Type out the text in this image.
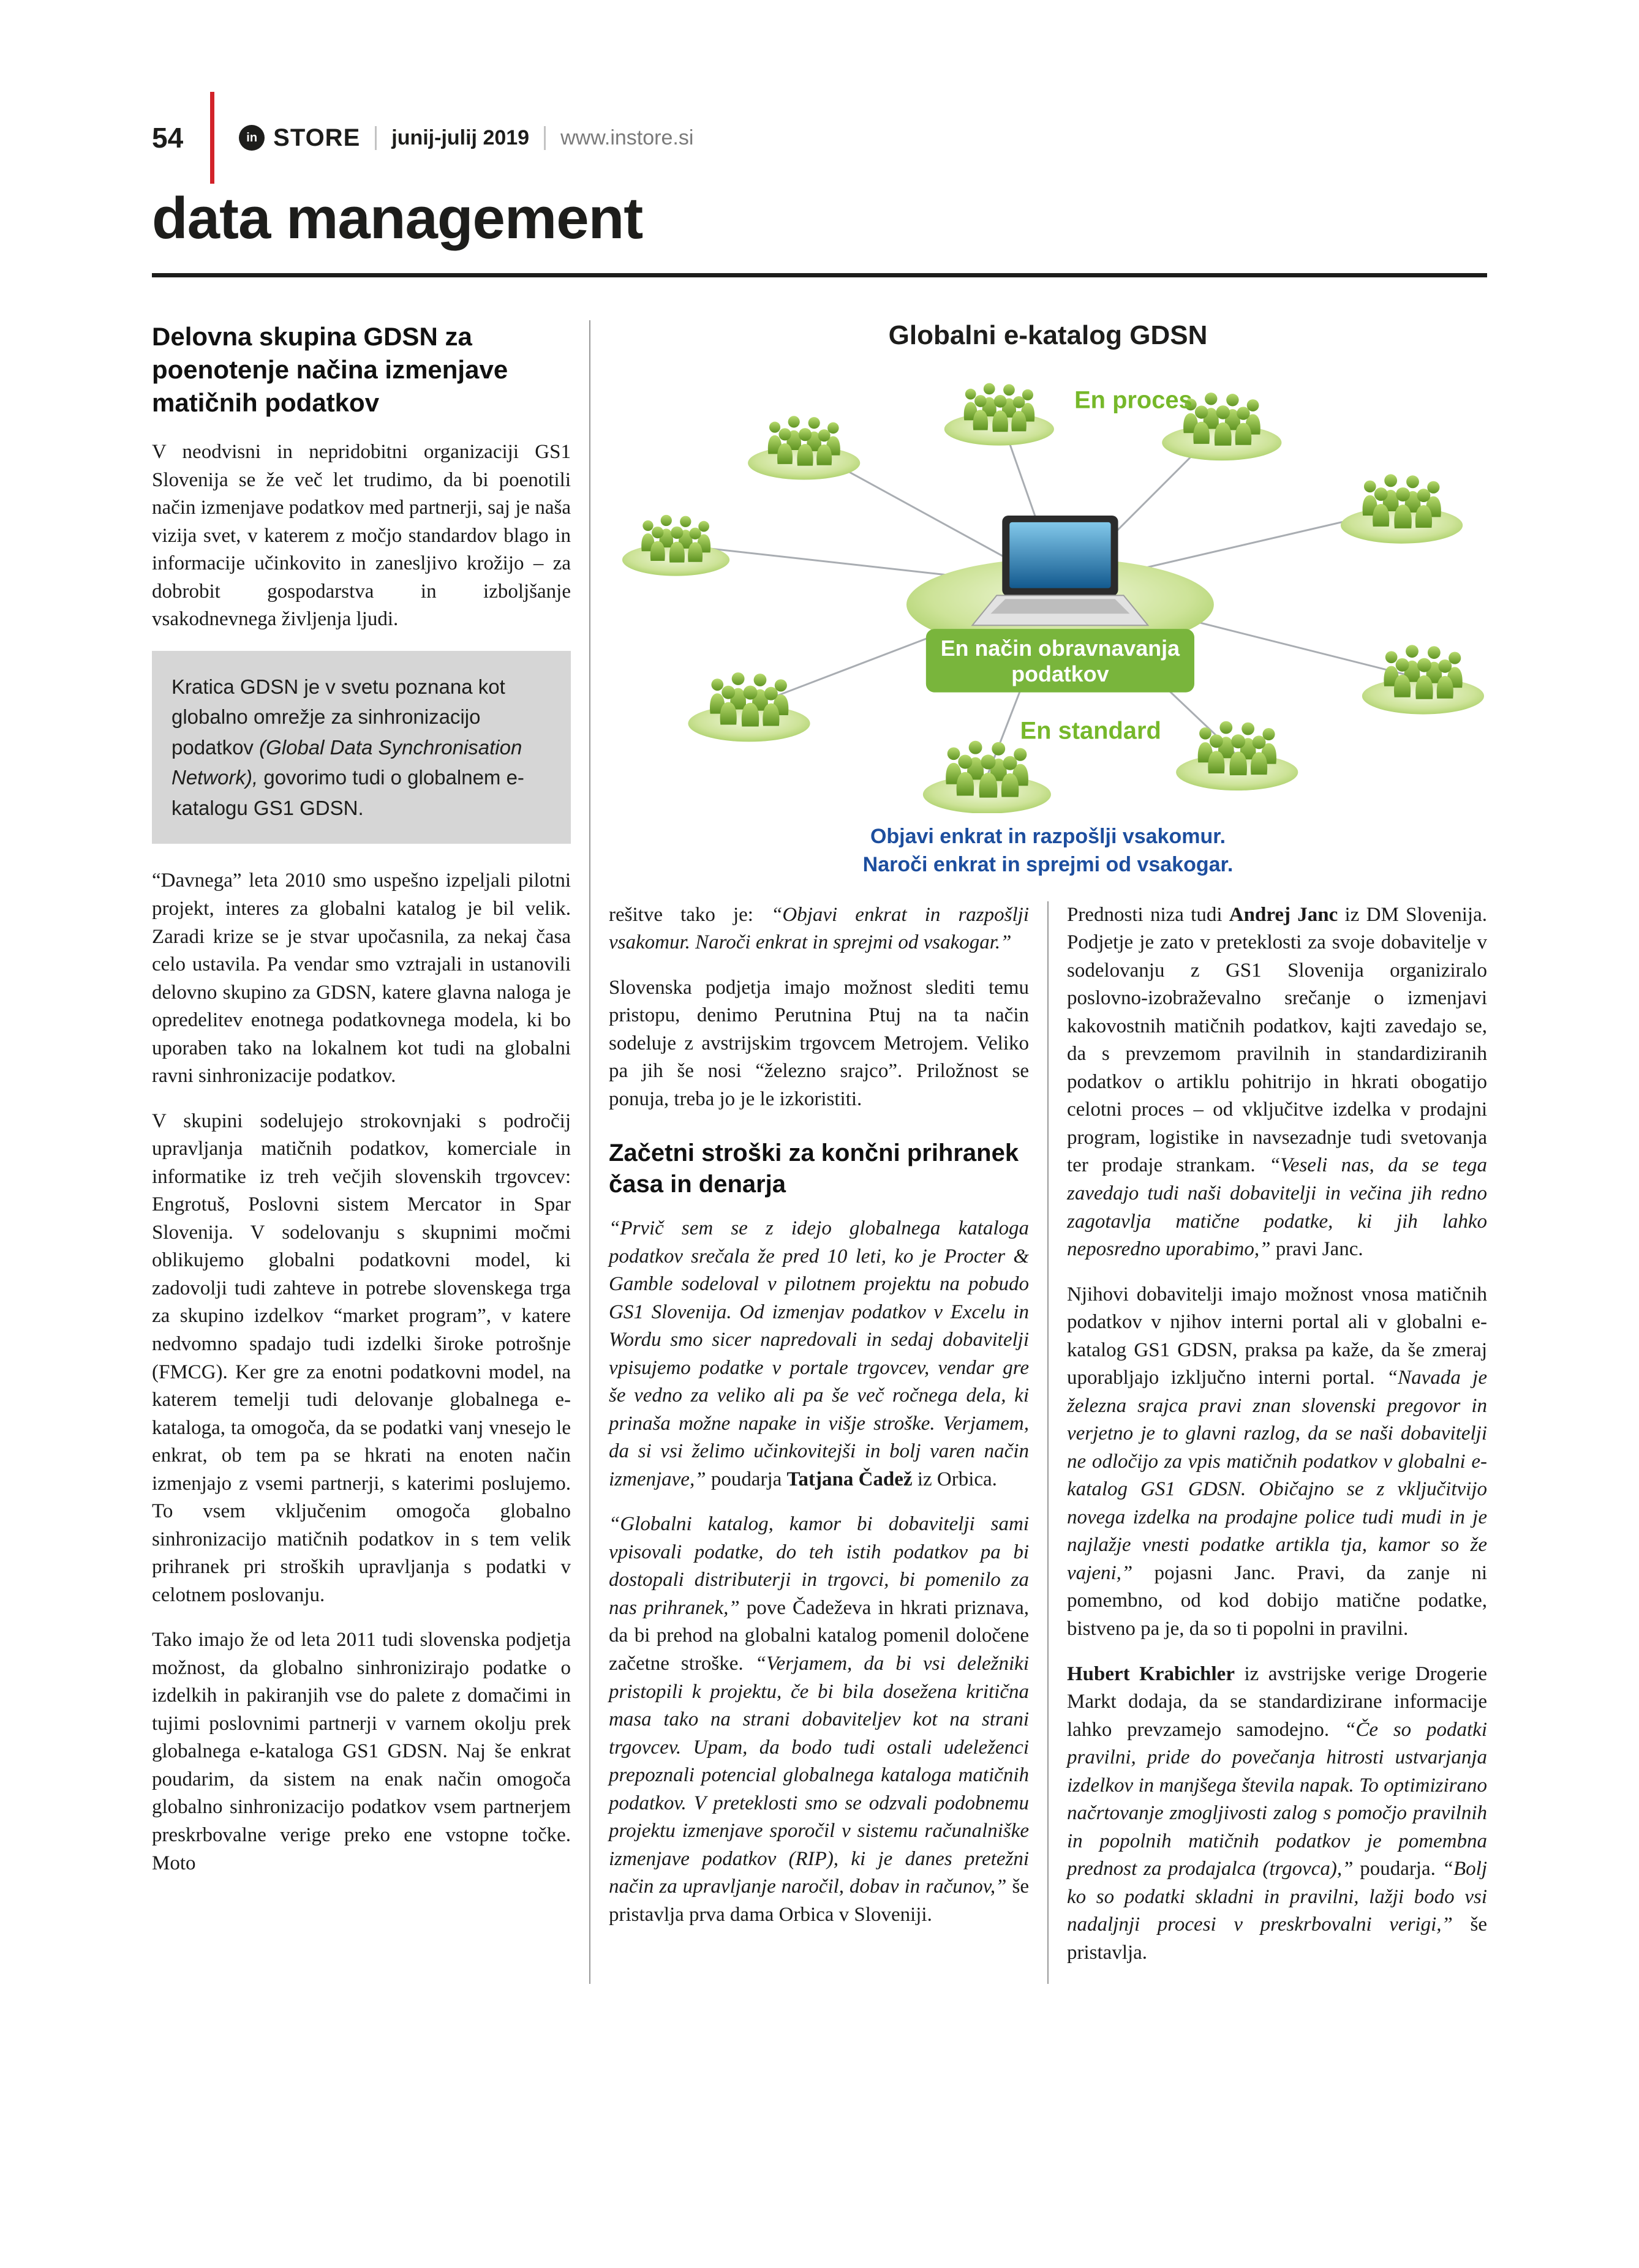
54	in STORE	junij-julij 2019	www.instore.si
data management
Delovna skupina GDSN za poenotenje načina izmenjave matičnih podatkov

V neodvisni in nepridobitni organizaciji GS1 Slovenija se že več let trudimo, da bi poenotili način izmenjave podatkov med partnerji, saj je naša vizija svet, v katerem z močjo standardov blago in informacije učinkovito in zanesljivo krožijo – za dobrobit gospodarstva in izboljšanje vsakodnevnega življenja ljudi.

Kratica GDSN je v svetu poznana kot globalno omrežje za sinhronizacijo podatkov (Global Data Synchronisation Network), govorimo tudi o globalnem e-katalogu GS1 GDSN.

“Davnega” leta 2010 smo uspešno izpeljali pilotni projekt, interes za globalni katalog je bil velik. Zaradi krize se je stvar upočasnila, za nekaj časa celo ustavila. Pa vendar smo vztrajali in ustanovili delovno skupino za GDSN, katere glavna naloga je opredelitev enotnega podatkovnega modela, ki bo uporaben tako na lokalnem kot tudi na globalni ravni sinhronizacije podatkov.

V skupini sodelujejo strokovnjaki s področij upravljanja matičnih podatkov, komerciale in informatike iz treh večjih slovenskih trgovcev: Engrotuš, Poslovni sistem Mercator in Spar Slovenija. V sodelovanju s skupnimi močmi oblikujemo globalni podatkovni model, ki zadovolji tudi zahteve in potrebe slovenskega trga za skupino izdelkov “market program”, v katere nedvomno spadajo tudi izdelki široke potrošnje (FMCG). Ker gre za enotni podatkovni model, na katerem temelji tudi delovanje globalnega e-kataloga, ta omogoča, da se podatki vanj vnesejo le enkrat, ob tem pa se hkrati na enoten način izmenjajo z vsemi partnerji, s katerimi poslujemo. To vsem vključenim omogoča globalno sinhronizacijo matičnih podatkov in s tem velik prihranek pri stroških upravljanja s podatki v celotnem poslovanju.

Tako imajo že od leta 2011 tudi slovenska podjetja možnost, da globalno sinhronizirajo podatke o izdelkih in pakiranjih vse do palete z domačimi in tujimi poslovnimi partnerji v varnem okolju prek globalnega e-kataloga GS1 GDSN. Naj še enkrat poudarim, da sistem na enak način omogoča globalno sinhronizacijo podatkov vsem partnerjem preskrbovalne verige preko ene vstopne točke. Moto

Globalni e-katalog GDSN
En proces
En način obravnavanja
podatkov
En standard
Objavi enkrat in razpošlji vsakomur.
Naroči enkrat in sprejmi od vsakogar.

rešitve tako je: “Objavi enkrat in razpošlji vsakomur. Naroči enkrat in sprejmi od vsakogar.”

Slovenska podjetja imajo možnost slediti temu pristopu, denimo Perutnina Ptuj na ta način sodeluje z avstrijskim trgovcem Metrojem. Veliko pa jih še nosi “železno srajco”. Priložnost se ponuja, treba jo je le izkoristiti.

Začetni stroški za končni prihranek časa in denarja

“Prvič sem se z idejo globalnega kataloga podatkov srečala že pred 10 leti, ko je Procter & Gamble sodeloval v pilotnem projektu na pobudo GS1 Slovenija. Od izmenjav podatkov v Excelu in Wordu smo sicer napredovali in sedaj dobavitelji vpisujemo podatke v portale trgovcev, vendar gre še vedno za veliko ali pa še več ročnega dela, ki prinaša možne napake in višje stroške. Verjamem, da si vsi želimo učinkovitejši in bolj varen način izmenjave,” poudarja Tatjana Čadež iz Orbica.

“Globalni katalog, kamor bi dobavitelji sami vpisovali podatke, do teh istih podatkov pa bi dostopali distributerji in trgovci, bi pomenilo za nas prihranek,” pove Čadeževa in hkrati priznava, da bi prehod na globalni katalog pomenil določene začetne stroške. “Verjamem, da bi vsi deležniki pristopili k projektu, če bi bila dosežena kritična masa tako na strani dobaviteljev kot na strani trgovcev. Upam, da bodo tudi ostali udeleženci prepoznali potencial globalnega kataloga matičnih podatkov. V preteklosti smo se odzvali podobnemu projektu izmenjave sporočil v sistemu računalniške izmenjave podatkov (RIP), ki je danes pretežni način za upravljanje naročil, dobav in računov,” še pristavlja prva dama Orbica v Sloveniji.

Prednosti niza tudi Andrej Janc iz DM Slovenija. Podjetje je zato v preteklosti za svoje dobavitelje v sodelovanju z GS1 Slovenija organiziralo poslovno-izobraževalno srečanje o izmenjavi kakovostnih matičnih podatkov, kajti zavedajo se, da s prevzemom pravilnih in standardiziranih podatkov o artiklu pohitrijo in hkrati obogatijo celotni proces – od vključitve izdelka v prodajni program, logistike in navsezadnje tudi svetovanja ter prodaje strankam. “Veseli nas, da se tega zavedajo tudi naši dobavitelji in večina jih redno zagotavlja matične podatke, ki jih lahko neposredno uporabimo,” pravi Janc.

Njihovi dobavitelji imajo možnost vnosa matičnih podatkov v njihov interni portal ali v globalni e-katalog GS1 GDSN, praksa pa kaže, da še zmeraj uporabljajo izključno interni portal. “Navada je železna srajca pravi znan slovenski pregovor in verjetno je to glavni razlog, da se naši dobavitelji ne odločijo za vpis matičnih podatkov v globalni e-katalog GS1 GDSN. Običajno se z vključitvijo novega izdelka na prodajne police tudi mudi in je najlažje vnesti podatke artikla tja, kamor so že vajeni,” pojasni Janc. Pravi, da zanje ni pomembno, od kod dobijo matične podatke, bistveno pa je, da so ti popolni in pravilni.

Hubert Krabichler iz avstrijske verige Drogerie Markt dodaja, da se standardizirane informacije lahko prevzamejo samodejno. “Če so podatki pravilni, pride do povečanja hitrosti ustvarjanja izdelkov in manjšega števila napak. To optimizirano načrtovanje zmogljivosti zalog s pomočjo pravilnih in popolnih matičnih podatkov je pomembna prednost za prodajalca (trgovca),” poudarja. “Bolj ko so podatki skladni in pravilni, lažji bodo vsi nadaljnji procesi v preskrbovalni verigi,” še pristavlja.
